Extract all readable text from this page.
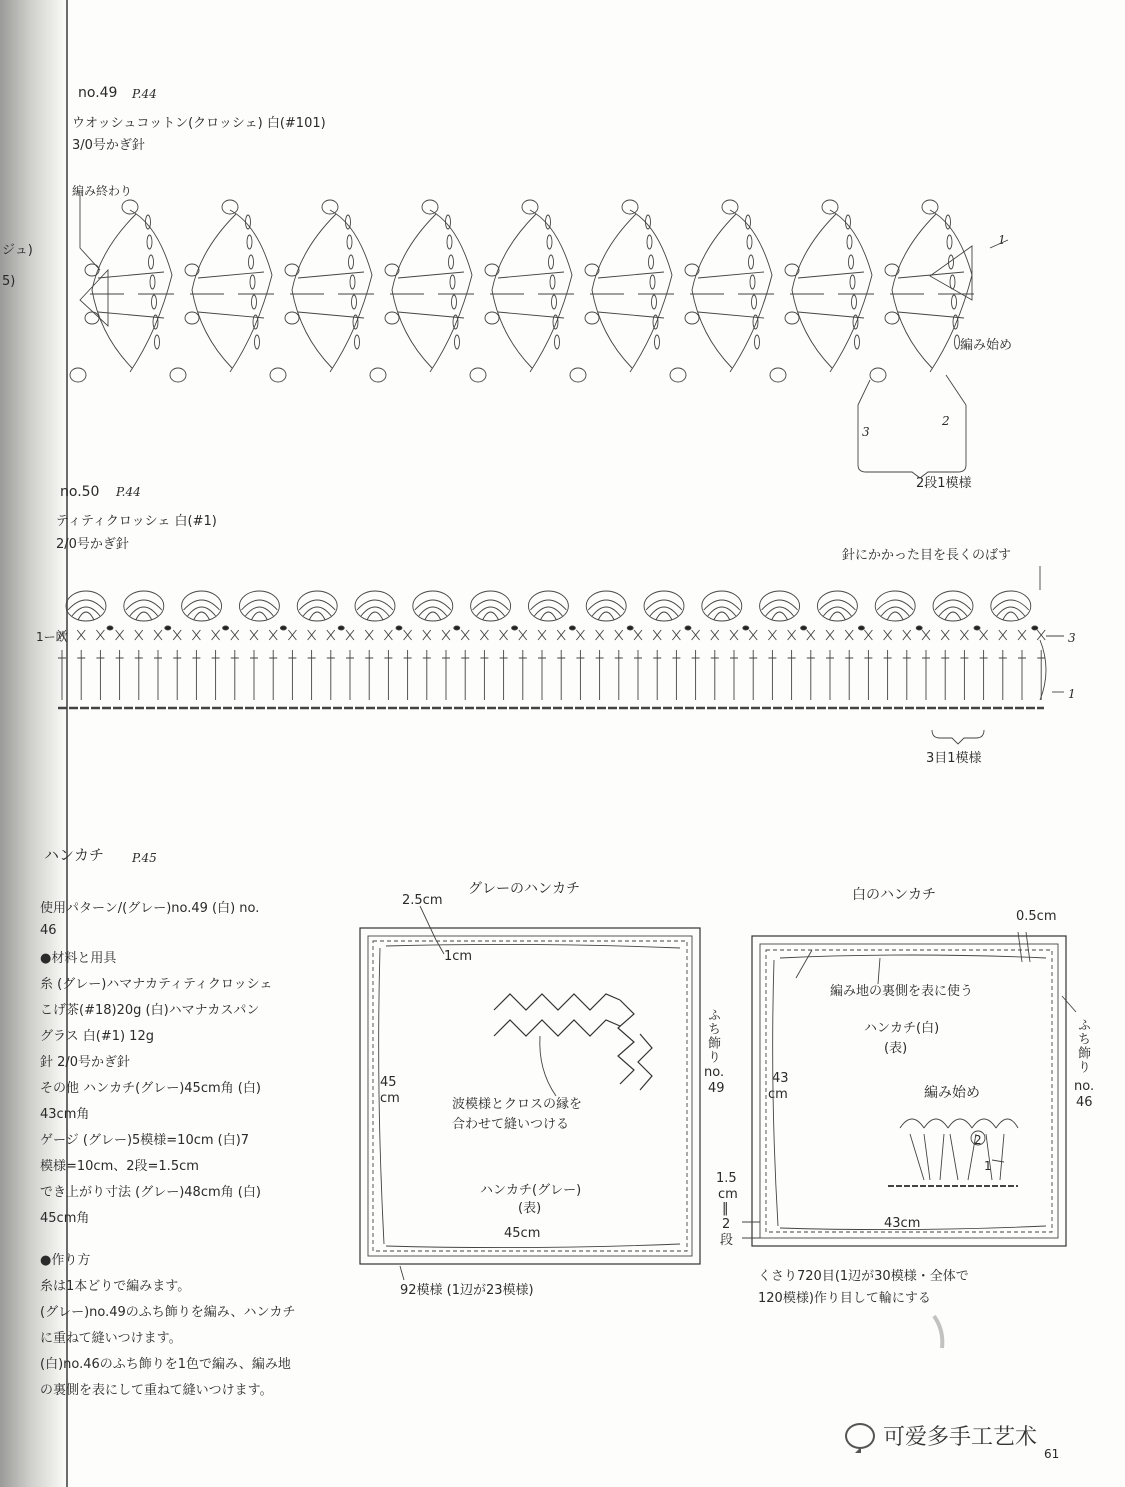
ジュ)
5)
no.49 P.44
ウオッシュコットン(クロッシェ) 白(#101)
3/0号かぎ針
編み終わり
編み始め
1
2
3
2段1模様
no.50 P.44
ティティクロッシェ 白(#1)
2/0号かぎ針
針にかかった目を長くのばす
1ー欧	3
1
3目1模様
ハンカチ P.45

使用パターン/(グレー)no.49 (白) no.

46

●材料と用具

糸 (グレー)ハマナカティティクロッシェ

こげ茶(#18)20g (白)ハマナカスパン

グラス 白(#1) 12g

針 2/0号かぎ針

その他 ハンカチ(グレー)45cm角 (白)

43cm角

ゲージ (グレー)5模様=10cm (白)7

模様=10cm、2段=1.5cm

でき上がり寸法 (グレー)48cm角 (白)

45cm角

●作り方

糸は1本どりで編みます。

(グレー)no.49のふち飾りを編み、ハンカチ

に重ねて縫いつけます。

(白)no.46のふち飾りを1色で編み、編み地

の裏側を表にして重ねて縫いつけます。

グレーのハンカチ
2.5cm
1cm
45
cm
45cm
ふち飾り
no.
49
波模様とクロスの縁を
合わせて縫いつける
ハンカチ(グレー)
(表)
92模様 (1辺が23模様)
白のハンカチ
0.5cm
編み地の裏側を表に使う
ハンカチ(白)
(表)
編み始め
43
cm
43cm
ふち飾り
no.
46
1.5
cm
‖
2
段
くさり720目(1辺が30模様・全体で
120模様)作り目して輪にする
2
1
61
可爱多手工艺术
